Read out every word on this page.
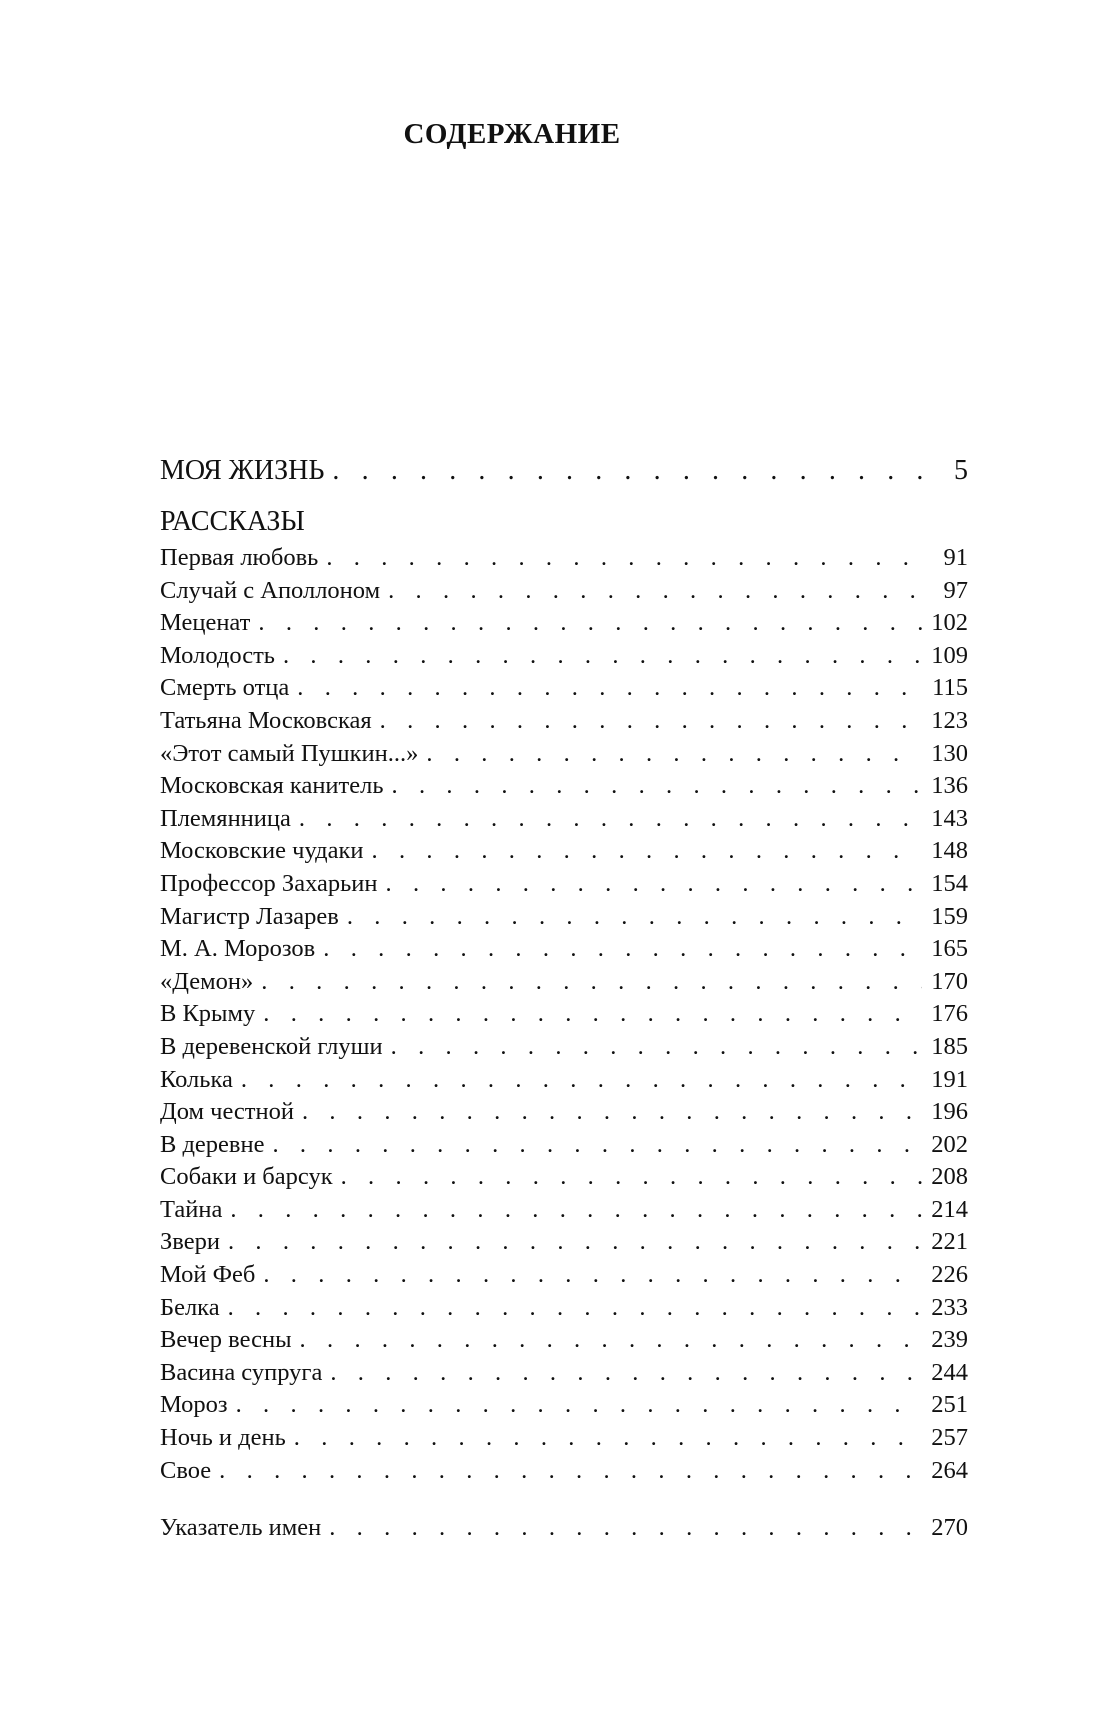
СОДЕРЖАНИЕ
МОЯ ЖИЗНЬ . . .	5
РАССКАЗЫ
Первая любовь . . .	91
Случай с Аполлоном . . .	97
Меценат . . .	102
Молодость . . .	109
Смерть отца . . .	115
Татьяна Московская . . .	123
«Этот самый Пушкин...» . . .	130
Московская канитель . . .	136
Племянница . . .	143
Московские чудаки . . .	148
Профессор Захарьин . . .	154
Магистр Лазарев . . .	159
М. А. Морозов . . .	165
«Демон» . . .	170
В Крыму . . .	176
В деревенской глуши . . .	185
Колька . . .	191
Дом честной . . .	196
В деревне . . .	202
Собаки и барсук . . .	208
Тайна . . .	214
Звери . . .	221
Мой Феб . . .	226
Белка . . .	233
Вечер весны . . .	239
Васина супруга . . .	244
Мороз . . .	251
Ночь и день . . .	257
Свое . . .	264
Указатель имен . . .	270
